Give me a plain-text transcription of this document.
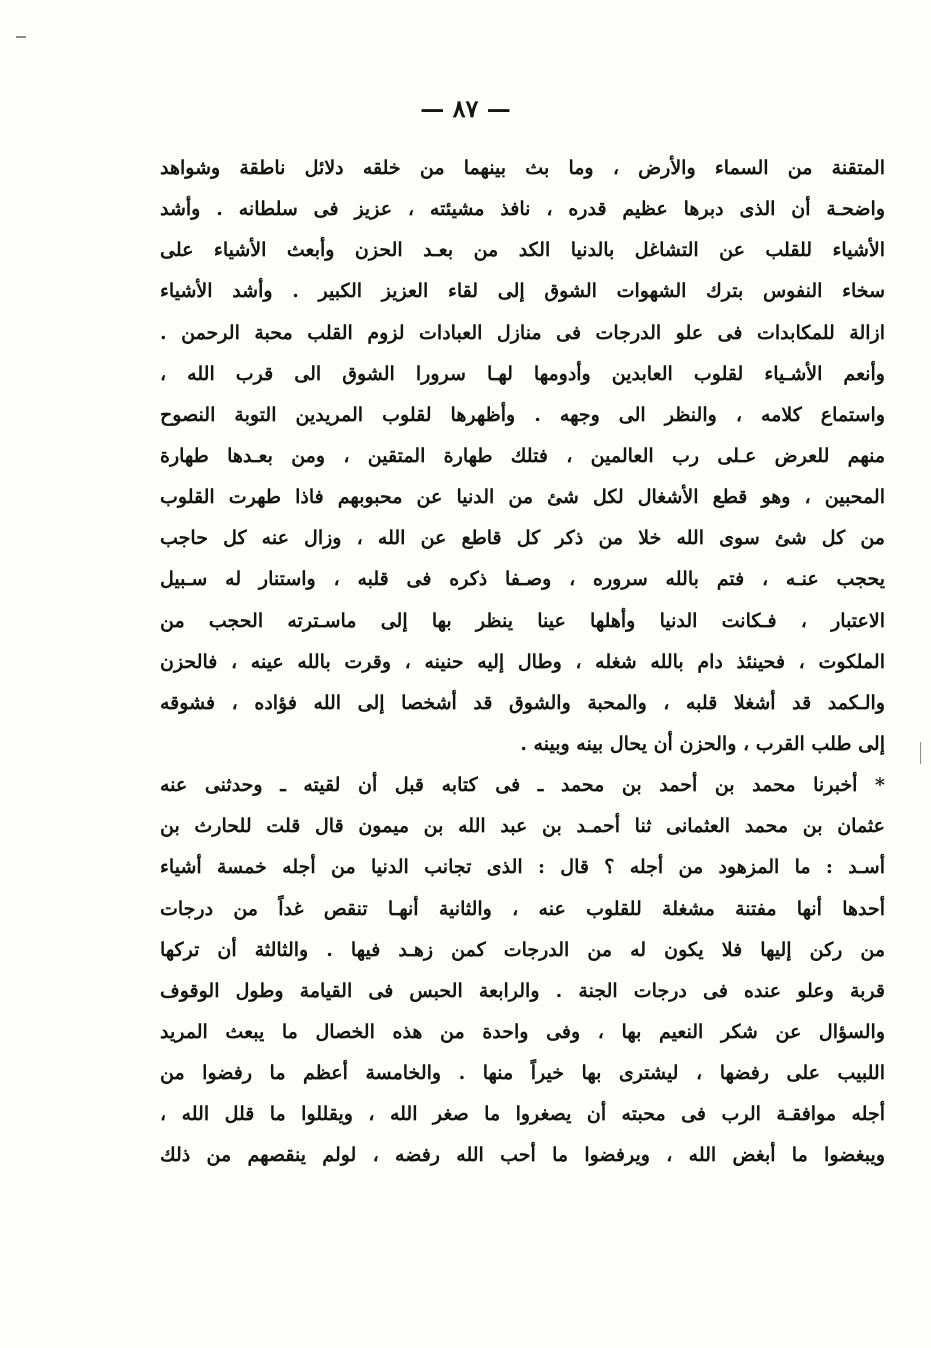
— ٨٧ —
المتقنة من السماء والأرض ، وما بث بينهما من خلقه دلائل ناطقة وشواهد
واضحـة أن الذى دبرها عظيم قدره ، نافذ مشيئته ، عزيز فى سلطانه . وأشد
الأشياء للقلب عن التشاغل بالدنيا الكد من بعـد الحزن وأبعث الأشياء على
سخاء النفوس بترك الشهوات الشوق إلى لقاء العزيز الكبير . وأشد الأشياء
ازالة للمكابدات فى علو الدرجات فى منازل العبادات لزوم القلب محبة الرحمن .
وأنعم الأشـياء لقلوب العابدين وأدومها لهـا سرورا الشوق الى قرب الله ،
واستماع كلامه ، والنظر الى وجهه . وأظهرها لقلوب المريدين التوبة النصوح
منهم للعرض عـلى رب العالمين ، فتلك طهارة المتقين ، ومن بعـدها طهارة
المحبين ، وهو قطع الأشغال لكل شئ من الدنيا عن محبوبهم فاذا طهرت القلوب
من كل شئ سوى الله خلا من ذكر كل قاطع عن الله ، وزال عنه كل حاجب
يحجب عنـه ، فتم بالله سروره ، وصـفا ذكره فى قلبه ، واستنار له سـبيل
الاعتبار ، فـكانت الدنيا وأهلها عينا ينظر بها إلى ماسـترته الحجب من
الملكوت ، فحينئذ دام بالله شغله ، وطال إليه حنينه ، وقرت بالله عينه ، فالحزن
والـكمد قد أشغلا قلبه ، والمحبة والشوق قد أشخصا إلى الله فؤاده ، فشوقه
إلى طلب القرب ، والحزن أن يحال بينه وبينه .
* أخبرنا محمد بن أحمد بن محمد ـ فى كتابه قبل أن لقيته ـ وحدثنى عنه
عثمان بن محمد العثمانى ثنا أحمـد بن عبد الله بن ميمون قال قلت للحارث بن
أسـد : ما المزهود من أجله ؟ قال : الذى تجانب الدنيا من أجله خمسة أشياء
أحدها أنها مفتنة مشغلة للقلوب عنه ، والثانية أنهـا تنقص غداً من درجات
من ركن إليها فلا يكون له من الدرجات كمن زهـد فيها . والثالثة أن تركها
قربة وعلو عنده فى درجات الجنة . والرابعة الحبس فى القيامة وطول الوقوف
والسؤال عن شكر النعيم بها ، وفى واحدة من هذه الخصال ما يبعث المريد
اللبيب على رفضها ، ليشترى بها خيراً منها . والخامسة أعظم ما رفضوا من
أجله موافقـة الرب فى محبته أن يصغروا ما صغر الله ، ويقللوا ما قلل الله ،
ويبغضوا ما أبغض الله ، ويرفضوا ما أحب الله رفضه ، لولم ينقصهم من ذلك
